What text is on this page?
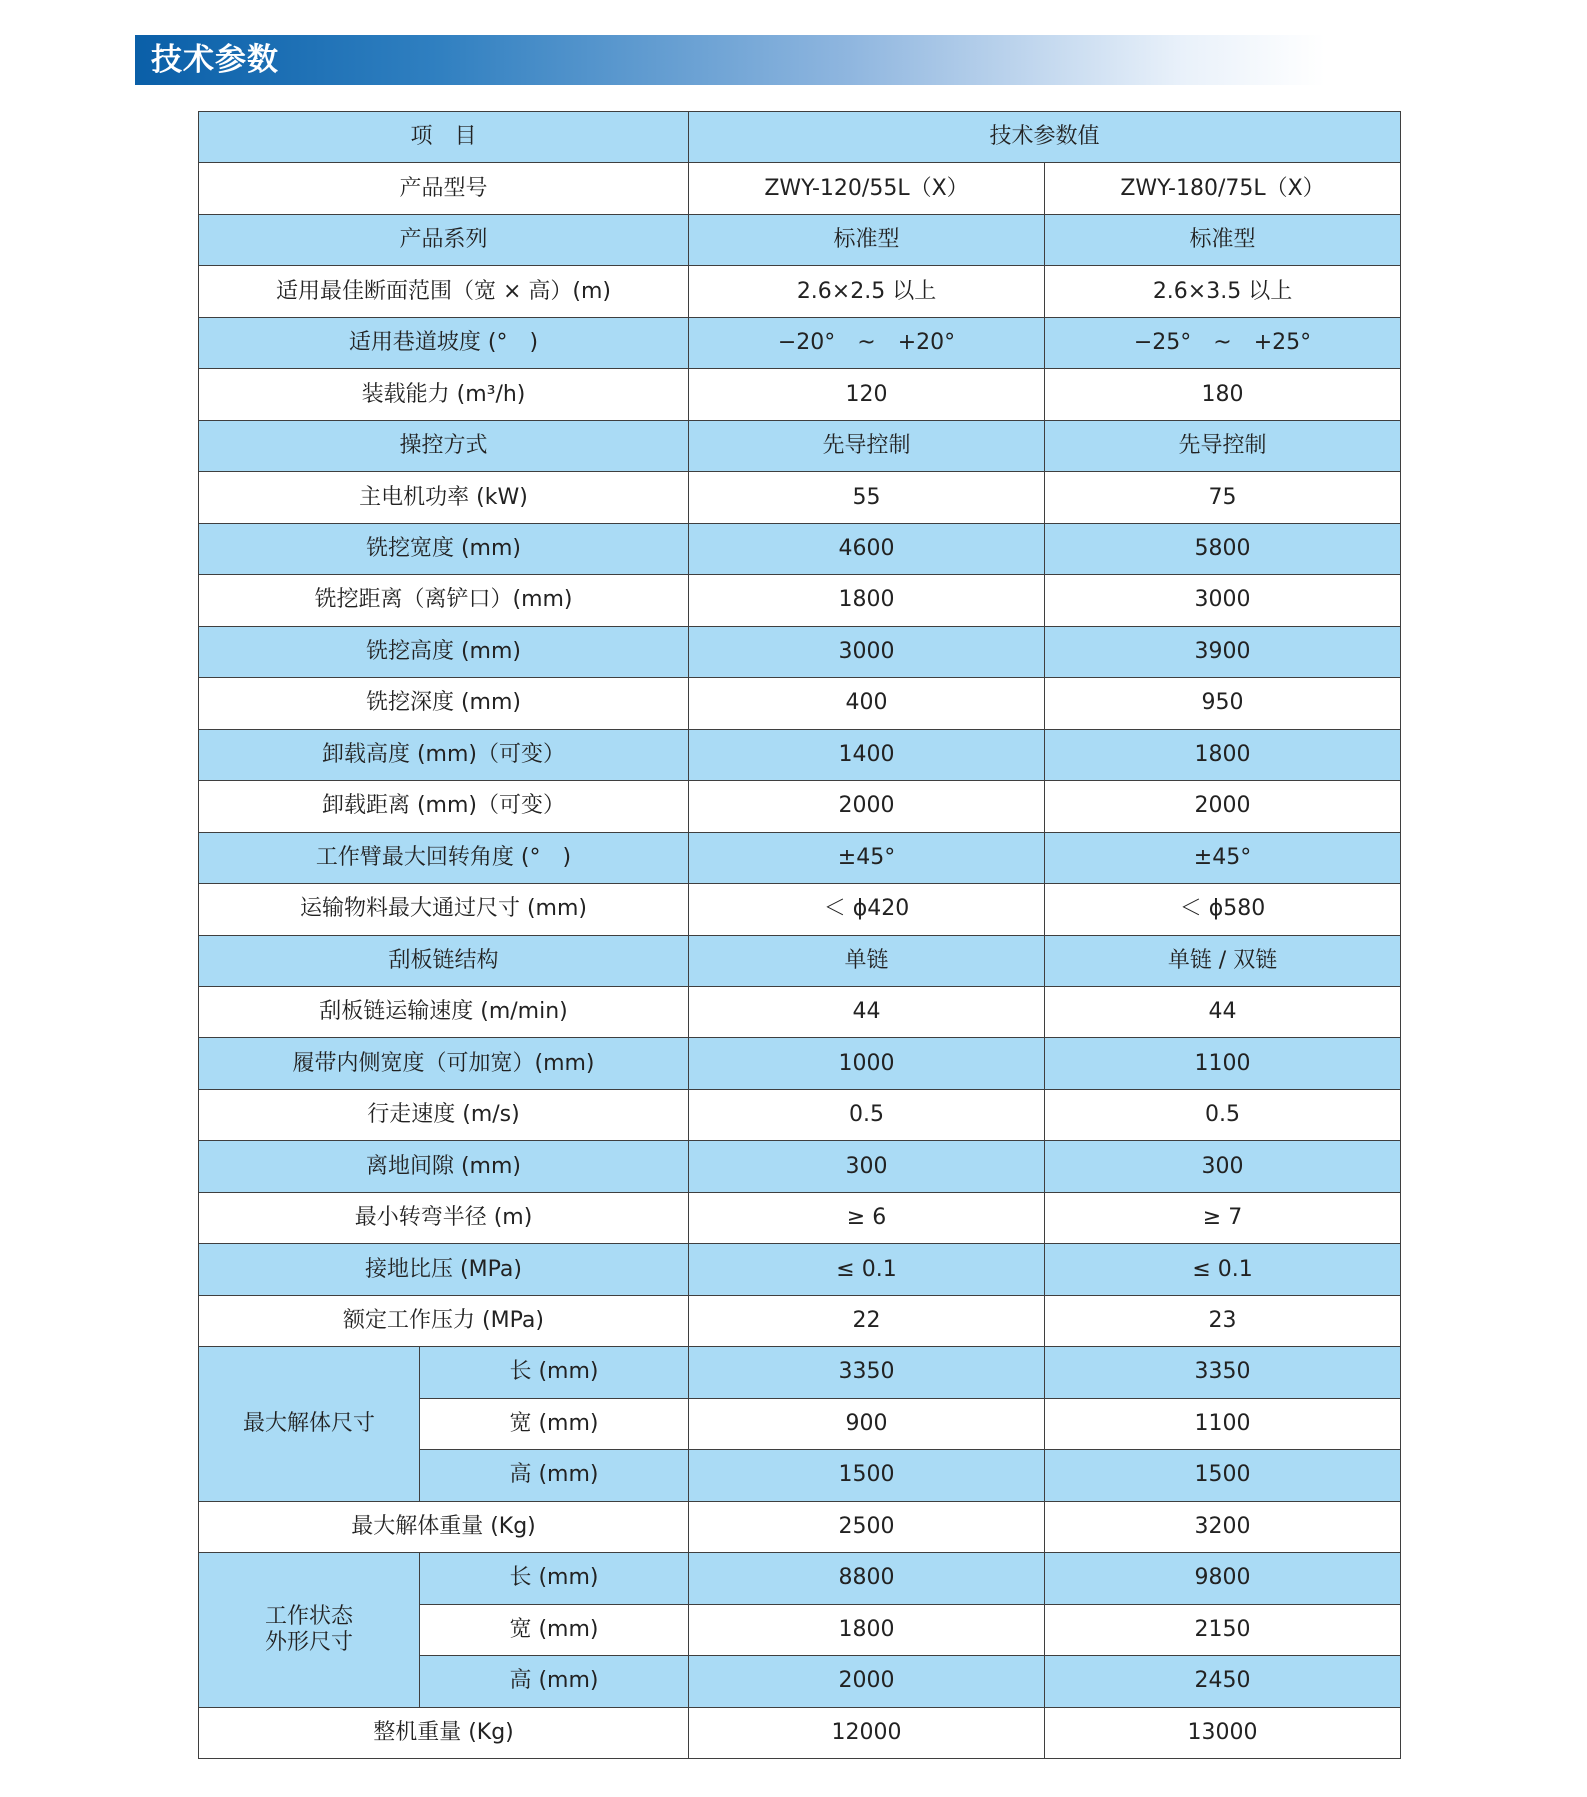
技术参数
项　目		技术参数值	
产品型号		ZWY-120/55L（X）	ZWY-180/75L（X）
产品系列		标准型	标准型
适用最佳断面范围（宽 × 高）(m)		2.6×2.5 以上	2.6×3.5 以上
适用巷道坡度 (°　)		−20°　~　+20°	−25°　~　+25°
装载能力 (m³/h)		120	180
操控方式		先导控制	先导控制
主电机功率 (kW)		55	75
铣挖宽度 (mm)		4600	5800
铣挖距离（离铲口）(mm)		1800	3000
铣挖高度 (mm)		3000	3900
铣挖深度 (mm)		400	950
卸载高度 (mm)（可变）		1400	1800
卸载距离 (mm)（可变）		2000	2000
工作臂最大回转角度 (°　)		±45°	±45°
运输物料最大通过尺寸 (mm)		＜ ϕ420	＜ ϕ580
刮板链结构		单链	单链 / 双链
刮板链运输速度 (m/min)		44	44
履带内侧宽度（可加宽）(mm)		1000	1100
行走速度 (m/s)		0.5	0.5
离地间隙 (mm)		300	300
最小转弯半径 (m)		≥ 6	≥ 7
接地比压 (MPa)		≤ 0.1	≤ 0.1
额定工作压力 (MPa)		22	23
最大解体尺寸	长 (mm)	3350	3350
	宽 (mm)	900	1100
	高 (mm)	1500	1500
最大解体重量 (Kg)		2500	3200
工作状态
外形尺寸	长 (mm)	8800	9800
	宽 (mm)	1800	2150
	高 (mm)	2000	2450
整机重量 (Kg)		12000	13000
